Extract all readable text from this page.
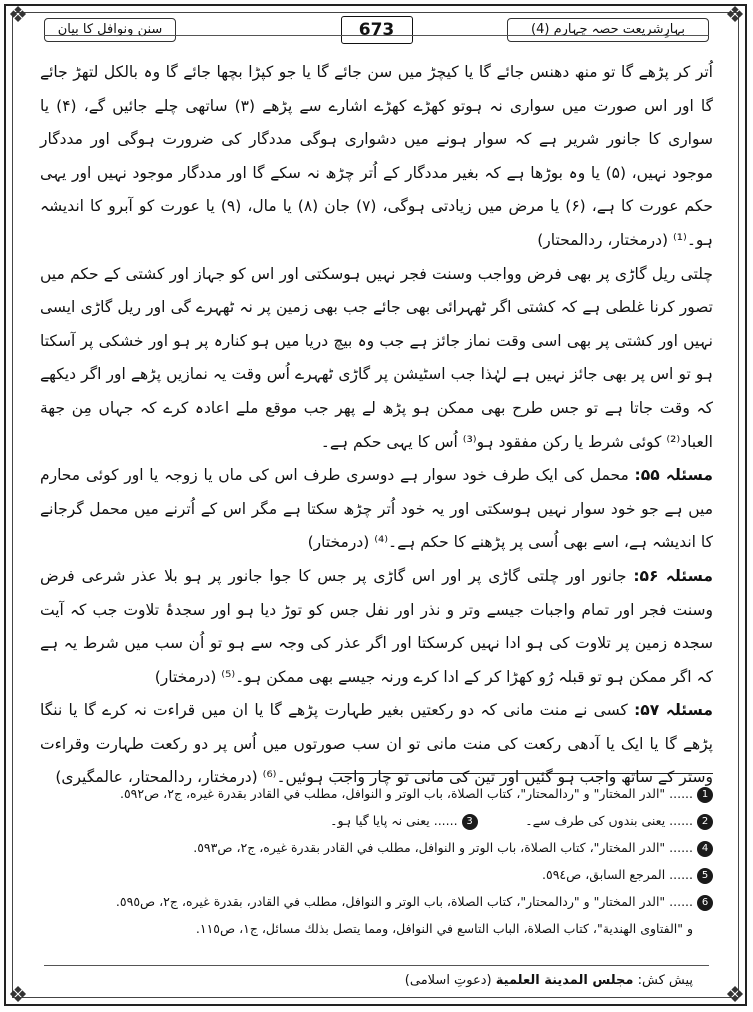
❖	❖
❖	❖
بہارِشریعت حصہ چہارم (4)
673
سنن ونوافل کا بیان

اُتر کر پڑھے گا تو منھ دھنس جائے گا یا کیچڑ میں سن جائے گا یا جو کپڑا بچھا جائے گا وہ بالکل لتھڑ جائے گا اور اس صورت میں سواری نہ ہوتو کھڑے کھڑے اشارے سے پڑھے (۳) ساتھی چلے جائیں گے، (۴) یا سواری کا جانور شریر ہے کہ سوار ہونے میں دشواری ہوگی مددگار کی ضرورت ہوگی اور مددگار موجود نہیں، (۵) یا وہ بوڑھا ہے کہ بغیر مددگار کے اُتر چڑھ نہ سکے گا اور مددگار موجود نہیں اور یہی حکم عورت کا ہے، (۶) یا مرض میں زیادتی ہوگی، (۷) جان (۸) یا مال، (۹) یا عورت کو آبرو کا اندیشہ ہو۔⁽¹⁾ (درمختار، ردالمحتار)

چلتی ریل گاڑی پر بھی فرض وواجب وسنت فجر نہیں ہوسکتی اور اس کو جہاز اور کشتی کے حکم میں تصور کرنا غلطی ہے کہ کشتی اگر ٹھہرائی بھی جائے جب بھی زمین پر نہ ٹھہرے گی اور ریل گاڑی ایسی نہیں اور کشتی پر بھی اسی وقت نماز جائز ہے جب وہ بیچ دریا میں ہو کنارہ پر ہو اور خشکی پر آسکتا ہو تو اس پر بھی جائز نہیں ہے لہٰذا جب اسٹیشن پر گاڑی ٹھہرے اُس وقت یہ نمازیں پڑھے اور اگر دیکھے کہ وقت جاتا ہے تو جس طرح بھی ممکن ہو پڑھ لے پھر جب موقع ملے اعادہ کرے کہ جہاں مِن جهة العباد⁽²⁾ کوئی شرط یا رکن مفقود ہو⁽³⁾ اُس کا یہی حکم ہے۔

مسئلہ ۵۵: محمل کی ایک طرف خود سوار ہے دوسری طرف اس کی ماں یا زوجہ یا اور کوئی محارم میں ہے جو خود سوار نہیں ہوسکتی اور یہ خود اُتر چڑھ سکتا ہے مگر اس کے اُترنے میں محمل گرجانے کا اندیشہ ہے، اسے بھی اُسی پر پڑھنے کا حکم ہے۔⁽⁴⁾ (درمختار)

مسئلہ ۵۶: جانور اور چلتی گاڑی پر اور اس گاڑی پر جس کا جوا جانور پر ہو بلا عذر شرعی فرض وسنت فجر اور تمام واجبات جیسے وتر و نذر اور نفل جس کو توڑ دیا ہو اور سجدۂ تلاوت جب کہ آیت سجدہ زمین پر تلاوت کی ہو ادا نہیں کرسکتا اور اگر عذر کی وجہ سے ہو تو اُن سب میں شرط یہ ہے کہ اگر ممکن ہو تو قبلہ رُو کھڑا کر کے ادا کرے ورنہ جیسے بھی ممکن ہو۔⁽⁵⁾ (درمختار)

مسئلہ ۵۷: کسی نے منت مانی کہ دو رکعتیں بغیر طہارت پڑھے گا یا ان میں قراءت نہ کرے گا یا ننگا پڑھے گا یا ایک یا آدھی رکعت کی منت مانی تو ان سب صورتوں میں اُس پر دو رکعت طہارت وقراءت وستر کے ساتھ واجب ہو گئیں اور تین کی مانی تو چار واجب ہوئیں۔⁽⁶⁾ (درمختار، ردالمحتار، عالمگیری)

1...... "الدر المختار" و "ردالمحتار"، كتاب الصلاة، باب الوتر و النوافل، مطلب في القادر بقدرة غيره، ج٢، ص٥٩٢.

2...... یعنی بندوں کی طرف سے۔            3...... یعنی نہ پایا گیا ہو۔

4...... "الدر المختار"، كتاب الصلاة، باب الوتر و النوافل، مطلب في القادر بقدرة غيره، ج٢، ص٥٩٣.

5...... المرجع السابق، ص٥٩٤.

6...... "الدر المختار" و "ردالمحتار"، كتاب الصلاة، باب الوتر و النوافل، مطلب في القادر، بقدرة غيره، ج٢، ص٥٩٥.

و "الفتاوى الهندية"، كتاب الصلاة، الباب التاسع في النوافل، ومما يتصل بذلك مسائل، ج١، ص١١٥.

پیش کش: مجلس المدينة العلمية (دعوتِ اسلامی)
